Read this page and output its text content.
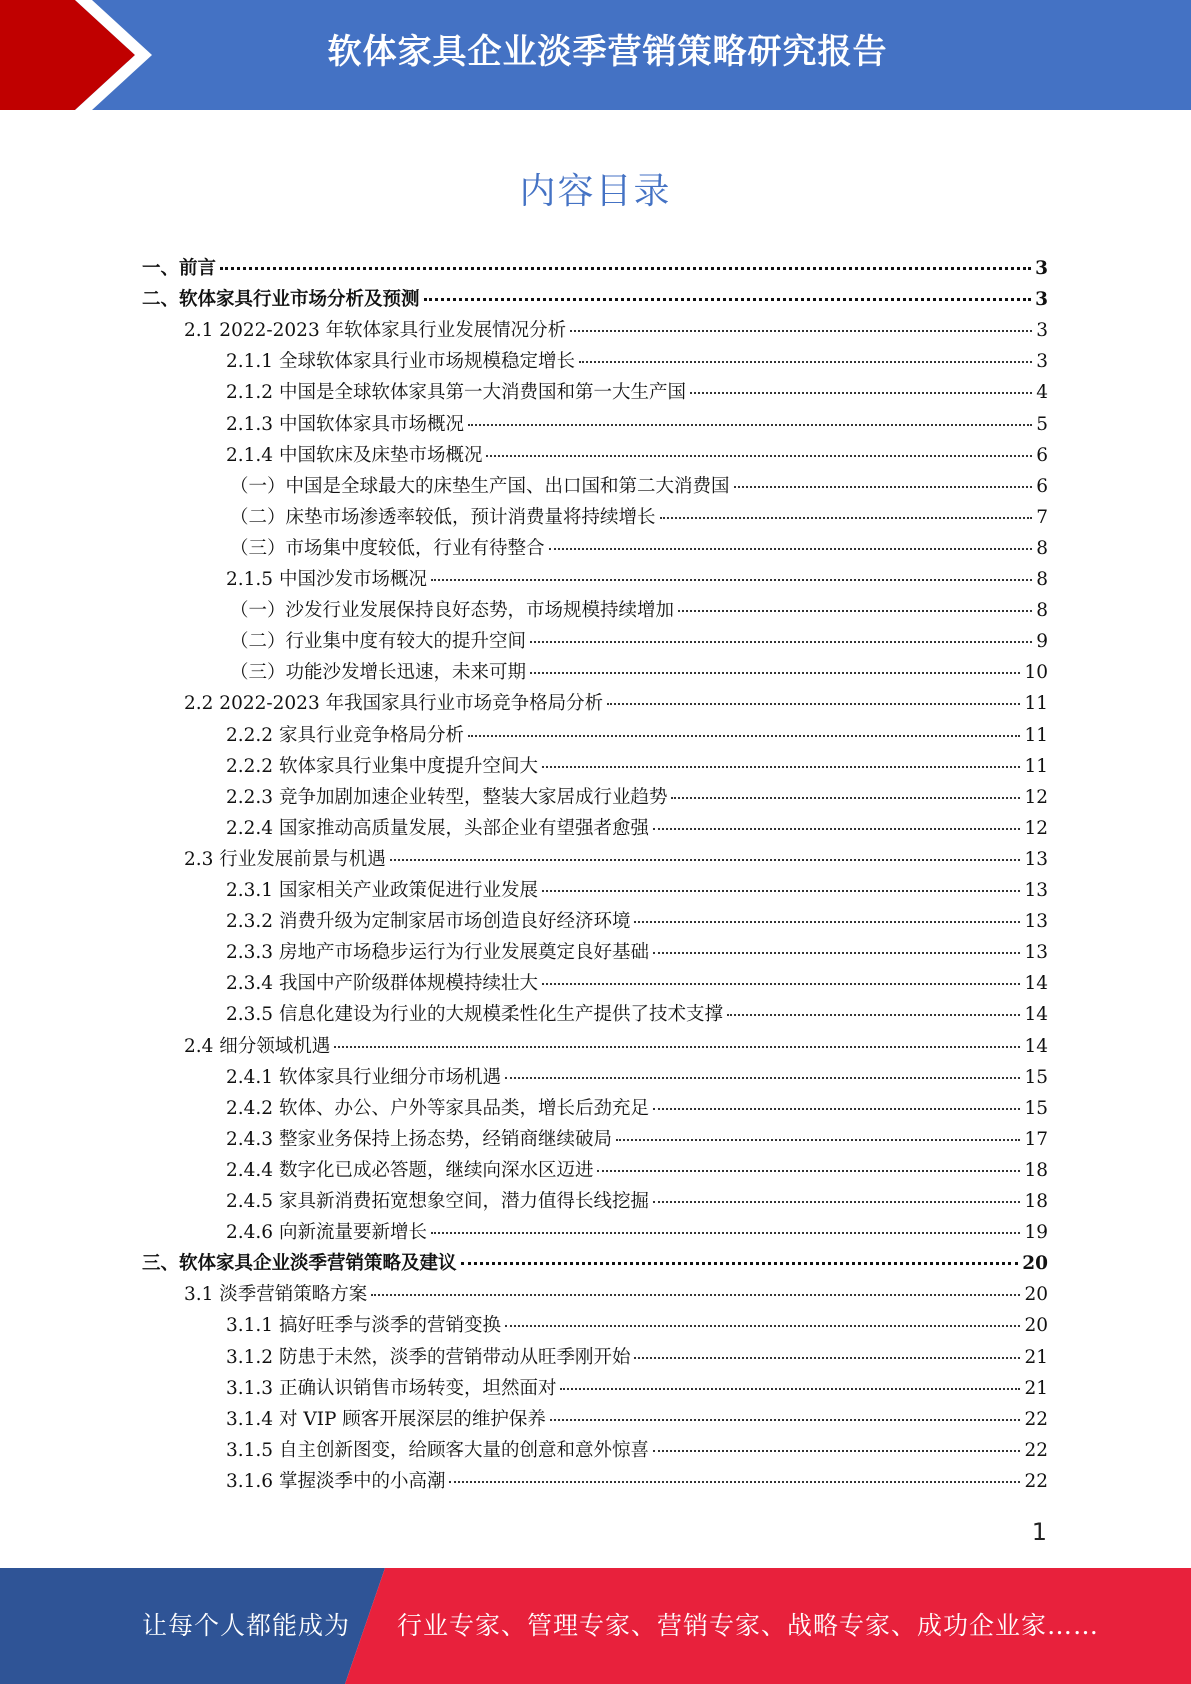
软体家具企业淡季营销策略研究报告
内容目录
一、前言	3
二、软体家具行业市场分析及预测	3
2.1 2022-2023 年软体家具行业发展情况分析	3
2.1.1 全球软体家具行业市场规模稳定增长	3
2.1.2 中国是全球软体家具第一大消费国和第一大生产国	4
2.1.3 中国软体家具市场概况	5
2.1.4 中国软床及床垫市场概况	6
（一）中国是全球最大的床垫生产国、出口国和第二大消费国	6
（二）床垫市场渗透率较低，预计消费量将持续增长	7
（三）市场集中度较低，行业有待整合	8
2.1.5 中国沙发市场概况	8
（一）沙发行业发展保持良好态势，市场规模持续增加	8
（二）行业集中度有较大的提升空间	9
（三）功能沙发增长迅速，未来可期	10
2.2 2022-2023 年我国家具行业市场竞争格局分析	11
2.2.2 家具行业竞争格局分析	11
2.2.2 软体家具行业集中度提升空间大	11
2.2.3 竞争加剧加速企业转型，整装大家居成行业趋势	12
2.2.4 国家推动高质量发展，头部企业有望强者愈强	12
2.3 行业发展前景与机遇	13
2.3.1 国家相关产业政策促进行业发展	13
2.3.2 消费升级为定制家居市场创造良好经济环境	13
2.3.3 房地产市场稳步运行为行业发展奠定良好基础	13
2.3.4 我国中产阶级群体规模持续壮大	14
2.3.5 信息化建设为行业的大规模柔性化生产提供了技术支撑	14
2.4 细分领域机遇	14
2.4.1 软体家具行业细分市场机遇	15
2.4.2 软体、办公、户外等家具品类，增长后劲充足	15
2.4.3 整家业务保持上扬态势，经销商继续破局	17
2.4.4 数字化已成必答题，继续向深水区迈进	18
2.4.5 家具新消费拓宽想象空间，潜力值得长线挖掘	18
2.4.6 向新流量要新增长	19
三、软体家具企业淡季营销策略及建议	20
3.1 淡季营销策略方案	20
3.1.1 搞好旺季与淡季的营销变换	20
3.1.2 防患于未然，淡季的营销带动从旺季刚开始	21
3.1.3 正确认识销售市场转变，坦然面对	21
3.1.4 对 VIP 顾客开展深层的维护保养	22
3.1.5 自主创新图变，给顾客大量的创意和意外惊喜	22
3.1.6 掌握淡季中的小高潮	22
1
让每个人都能成为 行业专家、管理专家、营销专家、战略专家、成功企业家……
